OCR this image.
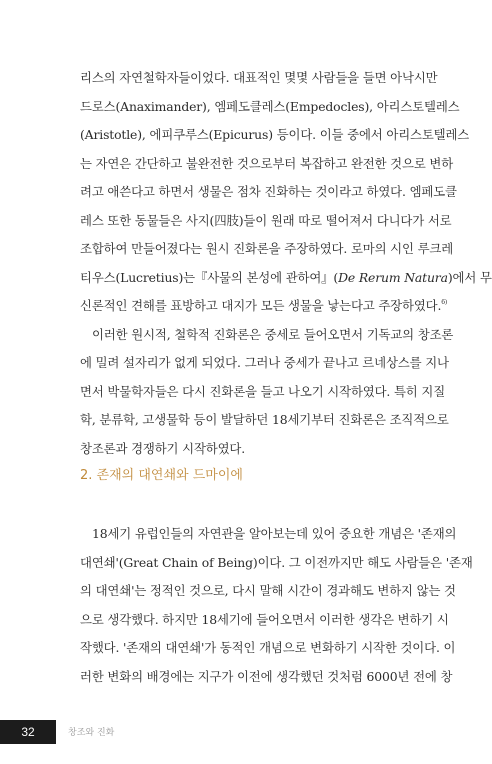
리스의 자연철학자들이었다. 대표적인 몇몇 사람들을 들면 아낙시만
드로스(Anaximander), 엠페도클레스(Empedocles), 아리스토텔레스
(Aristotle), 에피쿠루스(Epicurus) 등이다. 이들 중에서 아리스토텔레스
는 자연은 간단하고 불완전한 것으로부터 복잡하고 완전한 것으로 변하
려고 애쓴다고 하면서 생물은 점차 진화하는 것이라고 하였다. 엠페도클
레스 또한 동물들은 사지(四肢)들이 원래 따로 떨어져서 다니다가 서로
조합하여 만들어졌다는 원시 진화론을 주장하였다. 로마의 시인 루크레
티우스(Lucretius)는『사물의 본성에 관하여』(De Rerum Natura)에서 무
신론적인 견해를 표방하고 대지가 모든 생물을 낳는다고 주장하였다.$^{6)}$

이러한 원시적, 철학적 진화론은 중세로 들어오면서 기독교의 창조론
에 밀려 설자리가 없게 되었다. 그러나 중세가 끝나고 르네상스를 지나
면서 박물학자들은 다시 진화론을 들고 나오기 시작하였다. 특히 지질
학, 분류학, 고생물학 등이 발달하던 18세기부터 진화론은 조직적으로
창조론과 경쟁하기 시작하였다.

2. 존재의 대연쇄와 드마이에

18세기 유럽인들의 자연관을 알아보는데 있어 중요한 개념은 '존재의
대연쇄'(Great Chain of Being)이다. 그 이전까지만 해도 사람들은 '존재
의 대연쇄'는 정적인 것으로, 다시 말해 시간이 경과해도 변하지 않는 것
으로 생각했다. 하지만 18세기에 들어오면서 이러한 생각은 변하기 시
작했다. '존재의 대연쇄'가 동적인 개념으로 변화하기 시작한 것이다. 이
러한 변화의 배경에는 지구가 이전에 생각했던 것처럼 6000년 전에 창

32	창조와 진화
